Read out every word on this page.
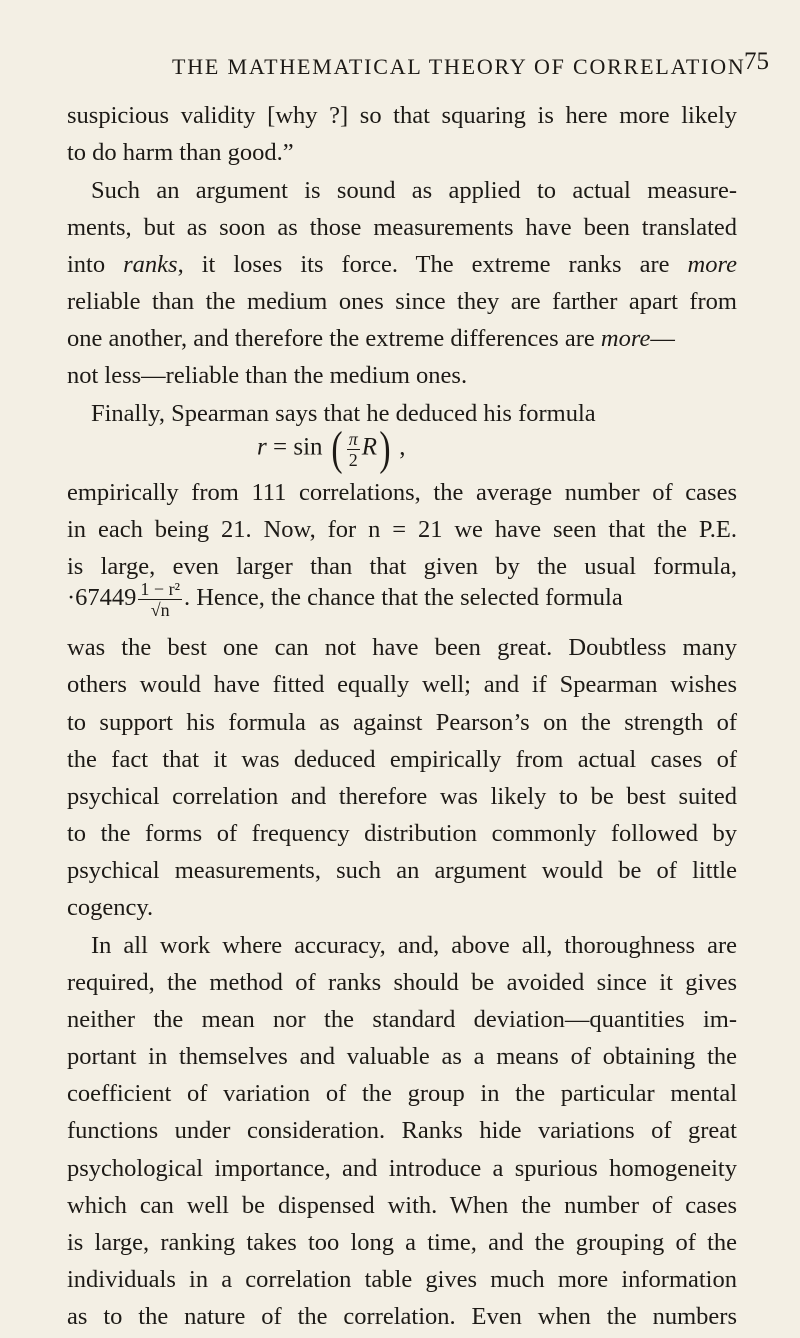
THE MATHEMATICAL THEORY OF CORRELATION
75
suspicious validity [why ?] so that squaring is here more likely
to do harm than good.”
Such an argument is sound as applied to actual measure-
ments, but as soon as those measurements have been translated
into ranks, it loses its force. The extreme ranks are more
reliable than the medium ones since they are farther apart from
one another, and therefore the extreme differences are more—
not less—reliable than the medium ones.
Finally, Spearman says that he deduced his formula
r = sin ( $\frac{\pi}{2} R$) ,
empirically from 111 correlations, the average number of cases
in each being 21. Now, for n = 21 we have seen that the P.E.
is large, even larger than that given by the usual formula,
$\cdot 67449 \frac{\text{1 − r²}}{√n}$ . Hence, the chance that the selected formula
was the best one can not have been great. Doubtless many
others would have fitted equally well; and if Spearman wishes
to support his formula as against Pearson’s on the strength of
the fact that it was deduced empirically from actual cases of
psychical correlation and therefore was likely to be best suited
to the forms of frequency distribution commonly followed by
psychical measurements, such an argument would be of little
cogency.
In all work where accuracy, and, above all, thoroughness are
required, the method of ranks should be avoided since it gives
neither the mean nor the standard deviation—quantities im-
portant in themselves and valuable as a means of obtaining the
coefficient of variation of the group in the particular mental
functions under consideration. Ranks hide variations of great
psychological importance, and introduce a spurious homogeneity
which can well be dispensed with. When the number of cases
is large, ranking takes too long a time, and the grouping of the
individuals in a correlation table gives much more information
as to the nature of the correlation. Even when the numbers
